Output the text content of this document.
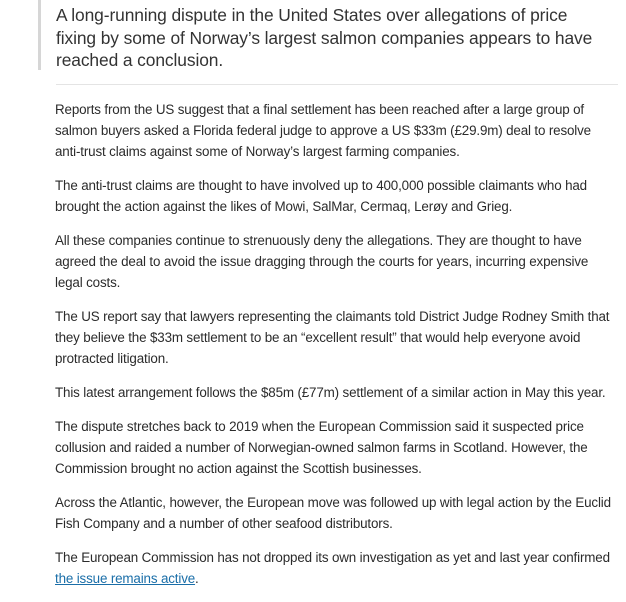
A long-running dispute in the United States over allegations of price fixing by some of Norway’s largest salmon companies appears to have reached a conclusion.

Reports from the US suggest that a final settlement has been reached after a large group of salmon buyers asked a Florida federal judge to approve a US $33m (£29.9m) deal to resolve anti-trust claims against some of Norway’s largest farming companies.

The anti-trust claims are thought to have involved up to 400,000 possible claimants who had brought the action against the likes of Mowi, SalMar, Cermaq, Lerøy and Grieg.

All these companies continue to strenuously deny the allegations. They are thought to have agreed the deal to avoid the issue dragging through the courts for years, incurring expensive legal costs.

The US report say that lawyers representing the claimants told District Judge Rodney Smith that they believe the $33m settlement to be an “excellent result” that would help everyone avoid protracted litigation.

This latest arrangement follows the $85m (£77m) settlement of a similar action in May this year.

The dispute stretches back to 2019 when the European Commission said it suspected price collusion and raided a number of Norwegian-owned salmon farms in Scotland. However, the Commission brought no action against the Scottish businesses.

Across the Atlantic, however, the European move was followed up with legal action by the Euclid Fish Company and a number of other seafood distributors.

The European Commission has not dropped its own investigation as yet and last year confirmed the issue remains active.
